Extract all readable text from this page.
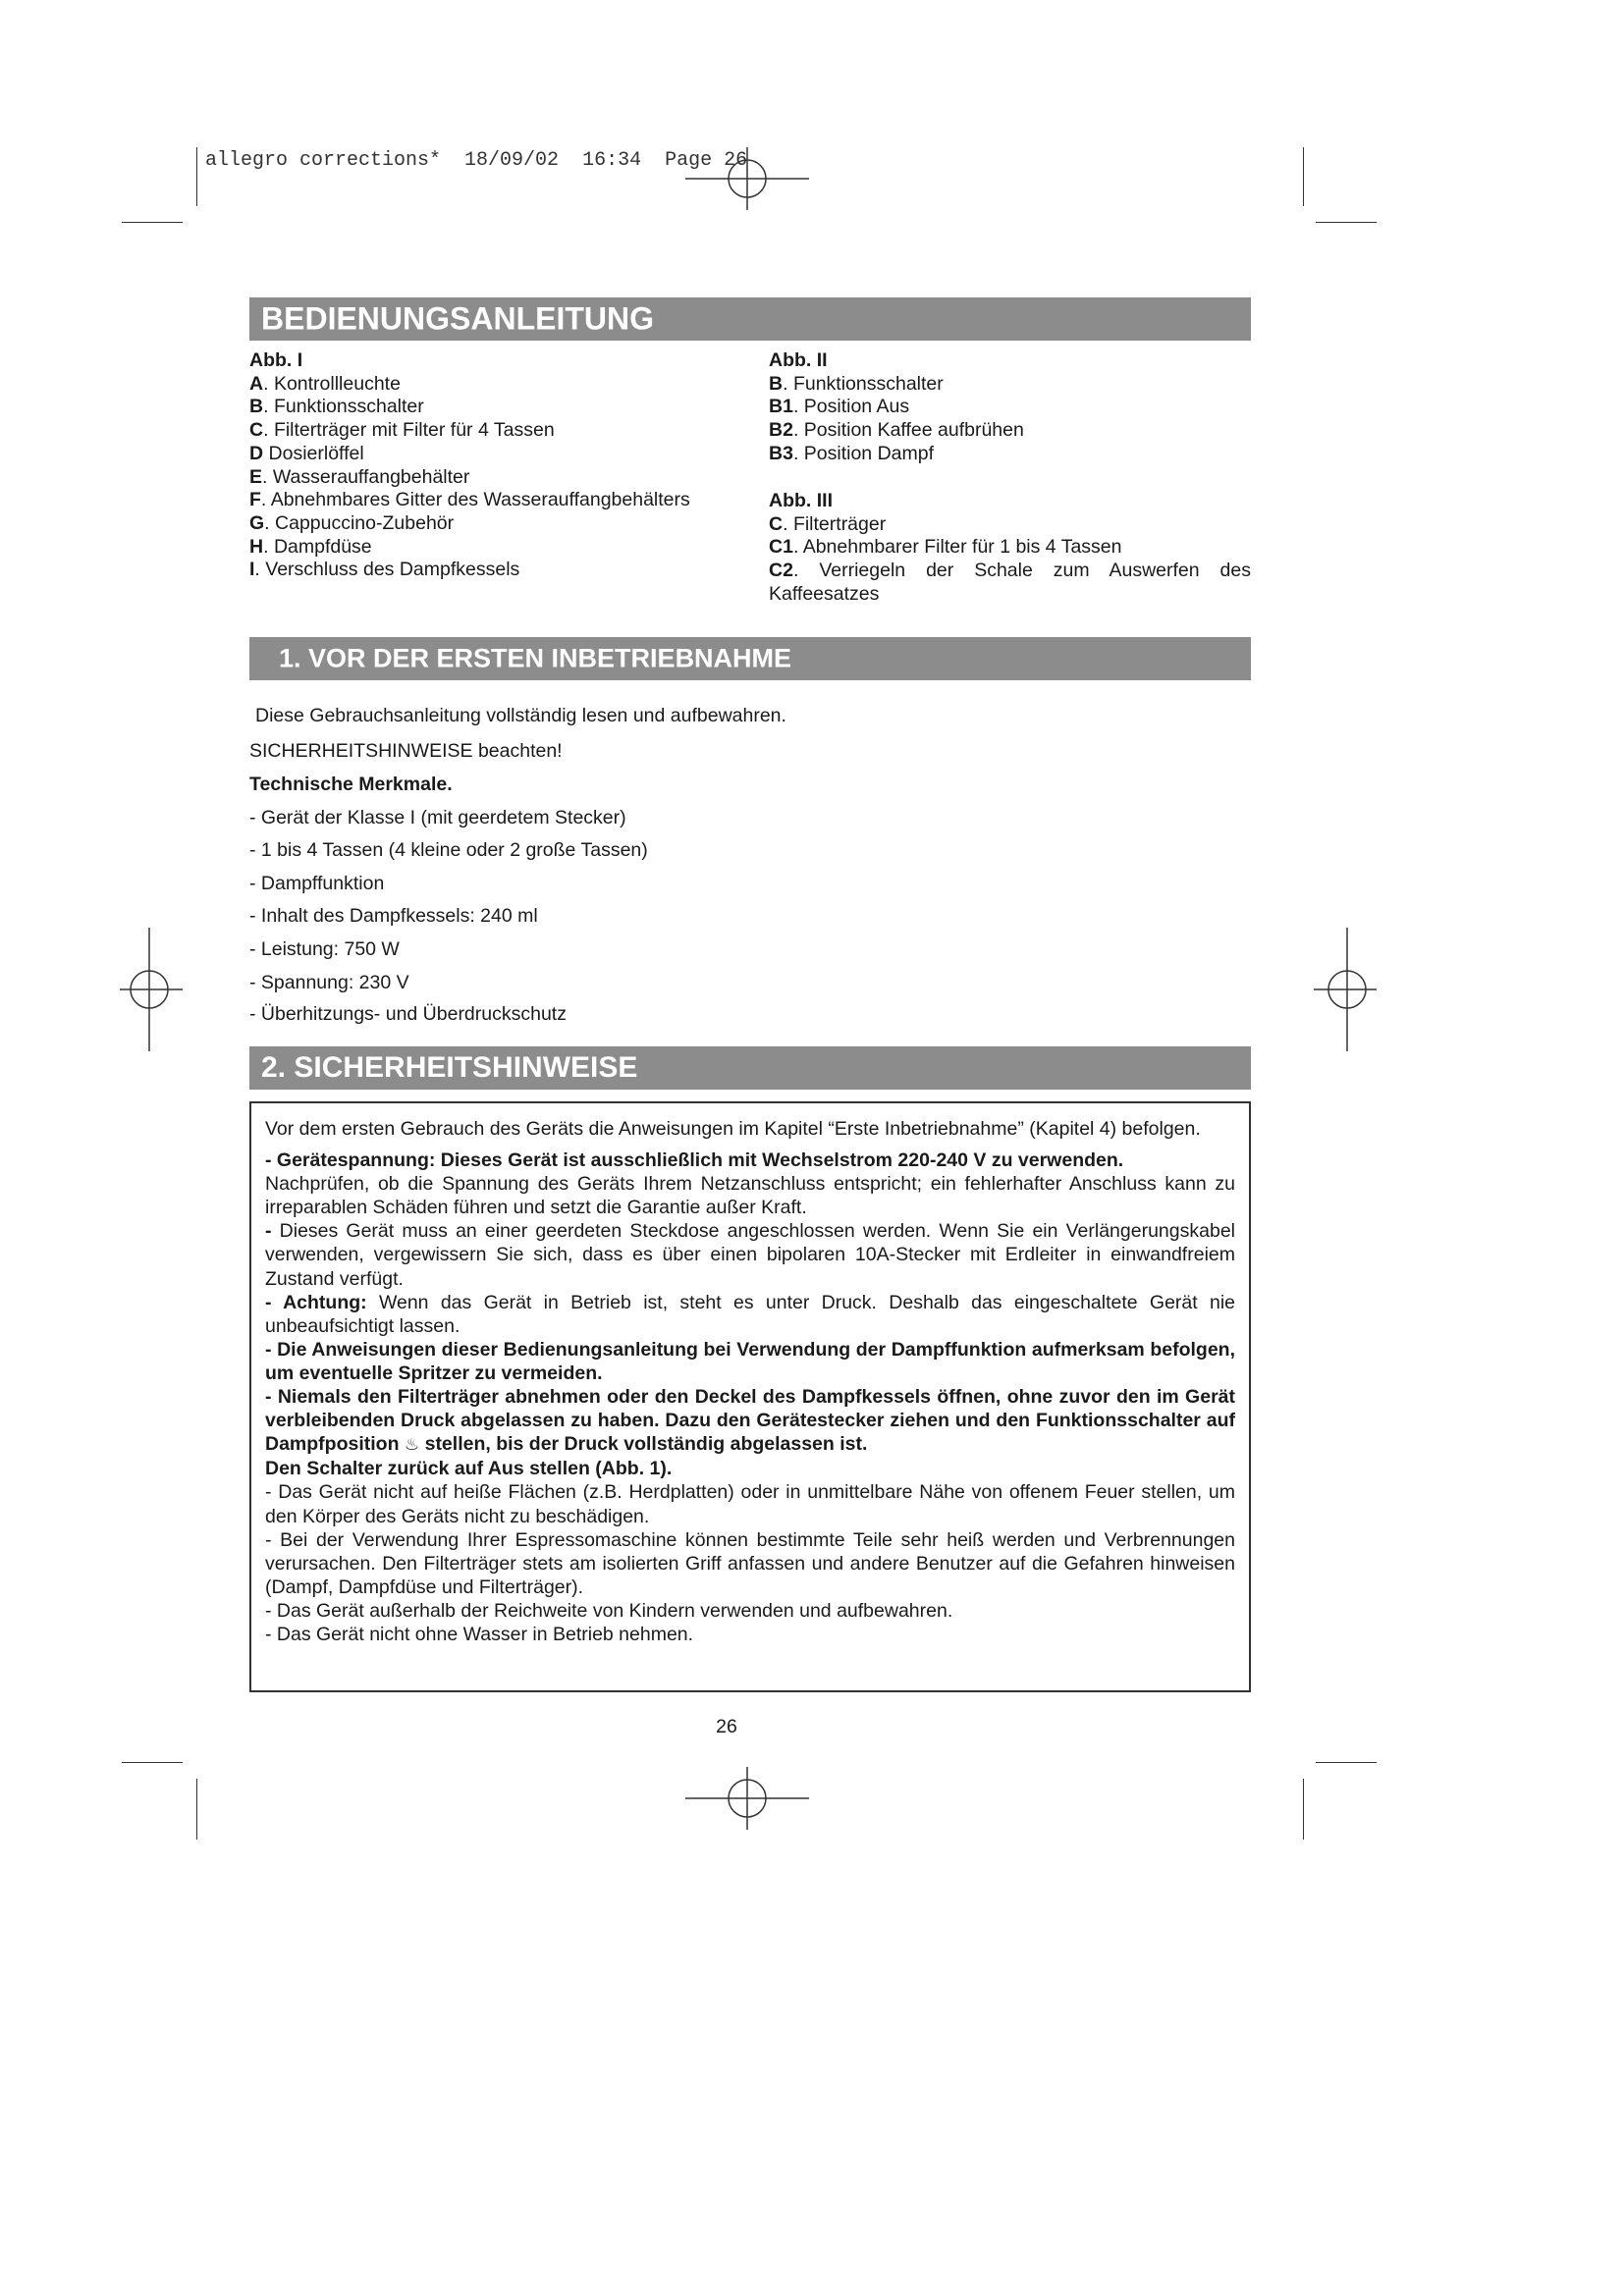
allegro corrections*  18/09/02  16:34  Page 26
BEDIENUNGSANLEITUNG
Abb. I
A. Kontrollleuchte
B. Funktionsschalter
C. Filterträger mit Filter für 4 Tassen
D Dosierlöffel
E. Wasserauffangbehälter
F. Abnehmbares Gitter des Wasserauffangbehälters
G. Cappuccino-Zubehör
H. Dampfdüse
I. Verschluss des Dampfkessels
Abb. II
B. Funktionsschalter
B1. Position Aus
B2. Position Kaffee aufbrühen
B3. Position Dampf
Abb. III
C. Filterträger
C1. Abnehmbarer Filter für 1 bis 4 Tassen
C2. Verriegeln der Schale zum Auswerfen des
Kaffeesatzes
1. VOR DER ERSTEN INBETRIEBNAHME
Diese Gebrauchsanleitung vollständig lesen und aufbewahren.
SICHERHEITSHINWEISE beachten!
Technische Merkmale.
- Gerät der Klasse I (mit geerdetem Stecker)
- 1 bis 4 Tassen (4 kleine oder 2 große Tassen)
- Dampffunktion
- Inhalt des Dampfkessels: 240 ml
- Leistung: 750 W
- Spannung: 230 V
- Überhitzungs- und Überdruckschutz
2. SICHERHEITSHINWEISE

Vor dem ersten Gebrauch des Geräts die Anweisungen im Kapitel “Erste Inbetriebnahme” (Kapitel 4) befolgen.

- Gerätespannung: Dieses Gerät ist ausschließlich mit Wechselstrom 220-240 V zu verwenden.
Nachprüfen, ob die Spannung des Geräts Ihrem Netzanschluss entspricht; ein fehlerhafter Anschluss kann zu irreparablen Schäden führen und setzt die Garantie außer Kraft.

- Dieses Gerät muss an einer geerdeten Steckdose angeschlossen werden. Wenn Sie ein Verlängerungskabel verwenden, vergewissern Sie sich, dass es über einen bipolaren 10A-Stecker mit Erdleiter in einwandfreiem Zustand verfügt.

- Achtung: Wenn das Gerät in Betrieb ist, steht es unter Druck. Deshalb das eingeschaltete Gerät nie unbeaufsichtigt lassen.

- Die Anweisungen dieser Bedienungsanleitung bei Verwendung der Dampffunktion aufmerksam befolgen, um eventuelle Spritzer zu vermeiden.

- Niemals den Filterträger abnehmen oder den Deckel des Dampfkessels öffnen, ohne zuvor den im Gerät verbleibenden Druck abgelassen zu haben. Dazu den Gerätestecker ziehen und den Funktionsschalter auf Dampfposition ♨ stellen, bis der Druck vollständig abgelassen ist.

Den Schalter zurück auf Aus stellen (Abb. 1).

- Das Gerät nicht auf heiße Flächen (z.B. Herdplatten) oder in unmittelbare Nähe von offenem Feuer stellen, um den Körper des Geräts nicht zu beschädigen.

- Bei der Verwendung Ihrer Espressomaschine können bestimmte Teile sehr heiß werden und Verbrennungen verursachen. Den Filterträger stets am isolierten Griff anfassen und andere Benutzer auf die Gefahren hinweisen (Dampf, Dampfdüse und Filterträger).

- Das Gerät außerhalb der Reichweite von Kindern verwenden und aufbewahren.

- Das Gerät nicht ohne Wasser in Betrieb nehmen.

26
